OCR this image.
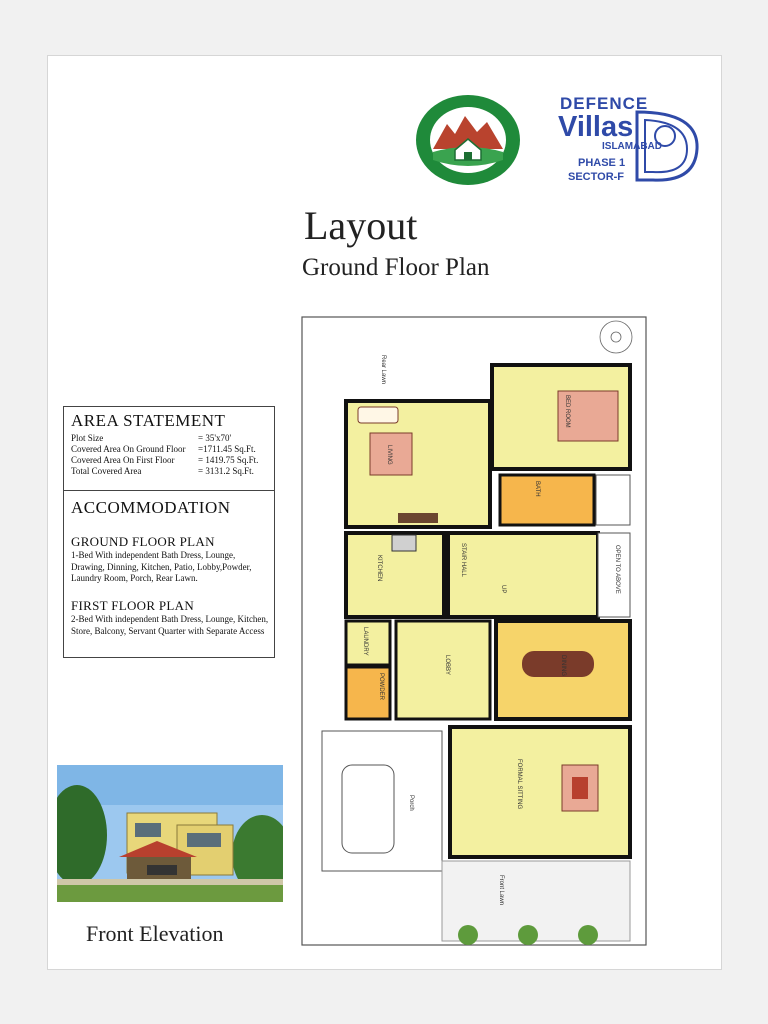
DEFENCE
Villas
ISLAMABAD
PHASE 1
SECTOR-F
Layout
Ground Floor Plan
AREA STATEMENT
Plot Size	= 35'x70'
Covered Area On Ground Floor =1711.45 Sq.Ft.
Covered Area On First Floor	= 1419.75 Sq.Ft.
Total Covered Area	= 3131.2 Sq.Ft.
ACCOMMODATION
GROUND FLOOR PLAN
1-Bed With independent Bath Dress, Lounge, Drawing, Dinning, Kitchen, Patio, Lobby,Powder, Laundry Room, Porch, Rear Lawn.
FIRST FLOOR PLAN
2-Bed With independent Bath Dress, Lounge, Kitchen, Store, Balcony, Servant Quarter with Separate Access
Front Elevation
Rear Lawn
LIVING
BED ROOM
BATH
KITCHEN	STAIR HALL
UP	OPEN TO ABOVE
LAUNDRY
POWDER
LOBBY	DINING
Porch	FORMAL SITTING
Front Lawn
